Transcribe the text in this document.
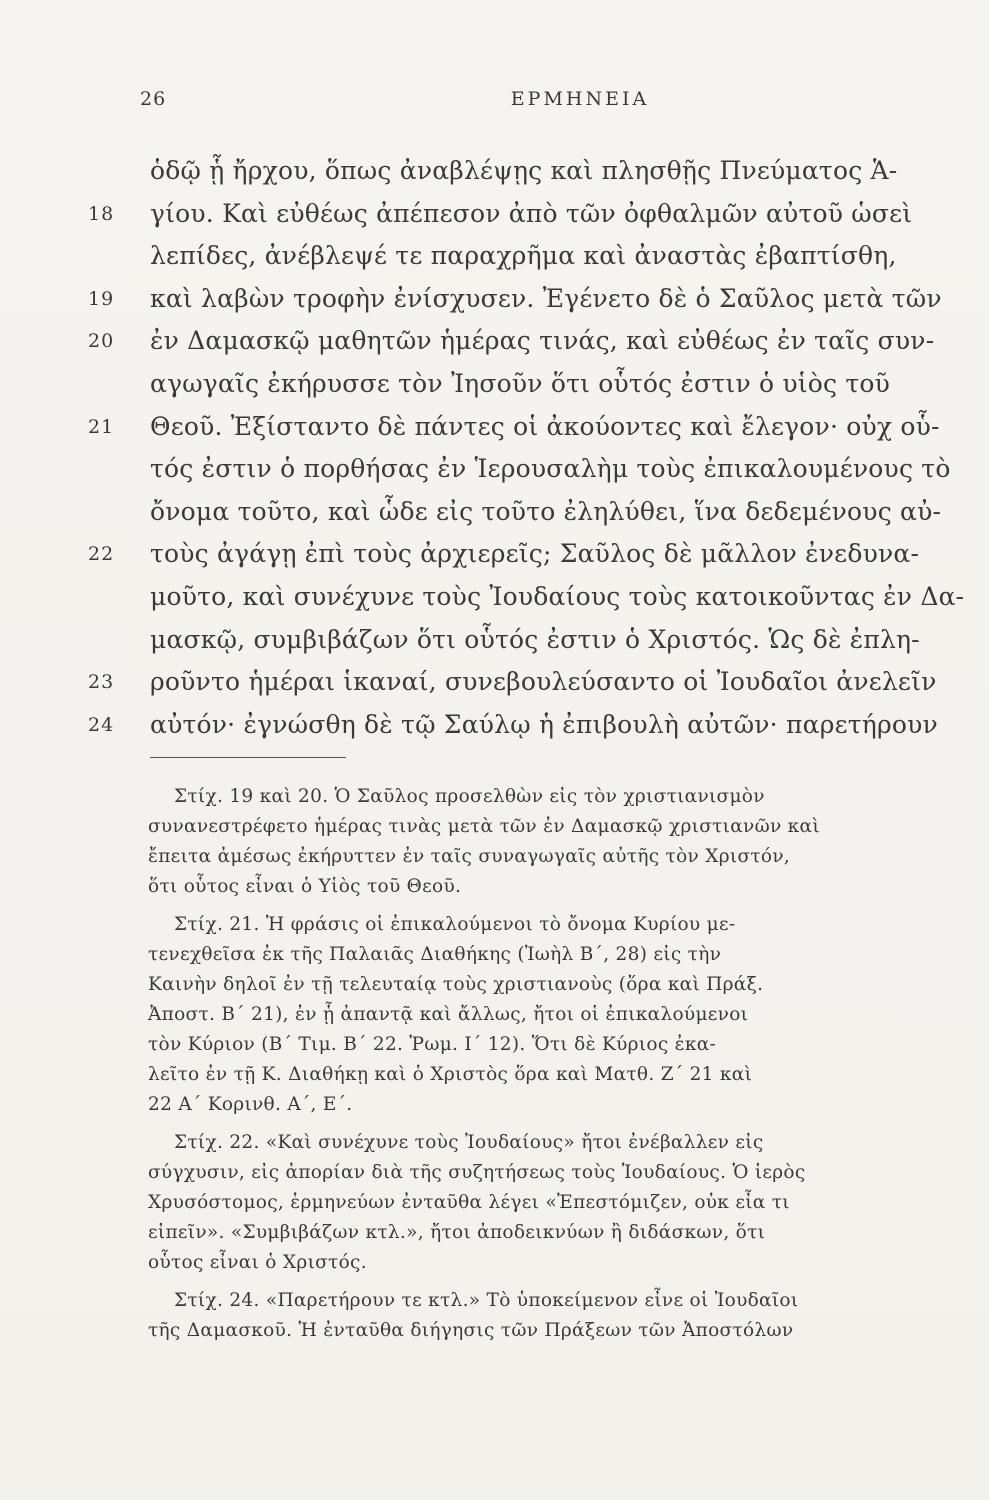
26	ΕΡΜΗΝΕΙΑ
ὁδῷ ᾗ ἤρχου, ὅπως ἀναβλέψῃς καὶ πλησθῇς Πνεύματος Ἁ-
18	γίου. Καὶ εὐθέως ἀπέπεσον ἀπὸ τῶν ὀφθαλμῶν αὐτοῦ ὡσεὶ
λεπίδες, ἀνέβλεψέ τε παραχρῆμα καὶ ἀναστὰς ἐβαπτίσθη,
19	καὶ λαβὼν τροφὴν ἐνίσχυσεν. Ἐγένετο δὲ ὁ Σαῦλος μετὰ τῶν
20	ἐν Δαμασκῷ μαθητῶν ἡμέρας τινάς, καὶ εὐθέως ἐν ταῖς συν-
αγωγαῖς ἐκήρυσσε τὸν Ἰησοῦν ὅτι οὗτός ἐστιν ὁ υἱὸς τοῦ
21	Θεοῦ. Ἐξίσταντο δὲ πάντες οἱ ἀκούοντες καὶ ἔλεγον· οὐχ οὗ-
τός ἐστιν ὁ πορθήσας ἐν Ἱερουσαλὴμ τοὺς ἐπικαλουμένους τὸ
ὄνομα τοῦτο, καὶ ὧδε εἰς τοῦτο ἐληλύθει, ἵνα δεδεμένους αὐ-
22	τοὺς ἀγάγῃ ἐπὶ τοὺς ἀρχιερεῖς; Σαῦλος δὲ μᾶλλον ἐνεδυνα-
μοῦτο, καὶ συνέχυνε τοὺς Ἰουδαίους τοὺς κατοικοῦντας ἐν Δα-
μασκῷ, συμβιβάζων ὅτι οὗτός ἐστιν ὁ Χριστός. Ὡς δὲ ἐπλη-
23	ροῦντο ἡμέραι ἱκαναί, συνεβουλεύσαντο οἱ Ἰουδαῖοι ἀνελεῖν
24	αὐτόν· ἐγνώσθη δὲ τῷ Σαύλῳ ἡ ἐπιβουλὴ αὐτῶν· παρετήρουν
Στίχ. 19 καὶ 20. Ὁ Σαῦλος προσελθὼν εἰς τὸν χριστιανισμὸν
συνανεστρέφετο ἡμέρας τινὰς μετὰ τῶν ἐν Δαμασκῷ χριστιανῶν καὶ
ἔπειτα ἀμέσως ἐκήρυττεν ἐν ταῖς συναγωγαῖς αὐτῆς τὸν Χριστόν,
ὅτι οὗτος εἶναι ὁ Υἱὸς τοῦ Θεοῦ.
Στίχ. 21. Ἡ φράσις οἱ ἐπικαλούμενοι τὸ ὄνομα Κυρίου με-
τενεχθεῖσα ἐκ τῆς Παλαιᾶς Διαθήκης (Ἰωὴλ Β΄, 28) εἰς τὴν
Καινὴν δηλοῖ ἐν τῇ τελευταίᾳ τοὺς χριστιανοὺς (ὅρα καὶ Πράξ.
Ἀποστ. Β΄ 21), ἐν ᾗ ἀπαντᾷ καὶ ἄλλως, ἤτοι οἱ ἐπικαλούμενοι
τὸν Κύριον (Β΄ Τιμ. Β΄ 22. Ῥωμ. Ι΄ 12). Ὅτι δὲ Κύριος ἐκα-
λεῖτο ἐν τῇ Κ. Διαθήκῃ καὶ ὁ Χριστὸς ὅρα καὶ Ματθ. Ζ΄ 21 καὶ
22 Α΄ Κορινθ. Α΄, Ε΄.
Στίχ. 22. «Καὶ συνέχυνε τοὺς Ἰουδαίους» ἤτοι ἐνέβαλλεν εἰς
σύγχυσιν, εἰς ἀπορίαν διὰ τῆς συζητήσεως τοὺς Ἰουδαίους. Ὁ ἱερὸς
Χρυσόστομος, ἑρμηνεύων ἐνταῦθα λέγει «Ἐπεστόμιζεν, οὐκ εἶα τι
εἰπεῖν». «Συμβιβάζων κτλ.», ἤτοι ἀποδεικνύων ἢ διδάσκων, ὅτι
οὗτος εἶναι ὁ Χριστός.
Στίχ. 24. «Παρετήρουν τε κτλ.» Τὸ ὑποκείμενον εἶνε οἱ Ἰουδαῖοι
τῆς Δαμασκοῦ. Ἡ ἐνταῦθα διήγησις τῶν Πράξεων τῶν Ἀποστόλων
